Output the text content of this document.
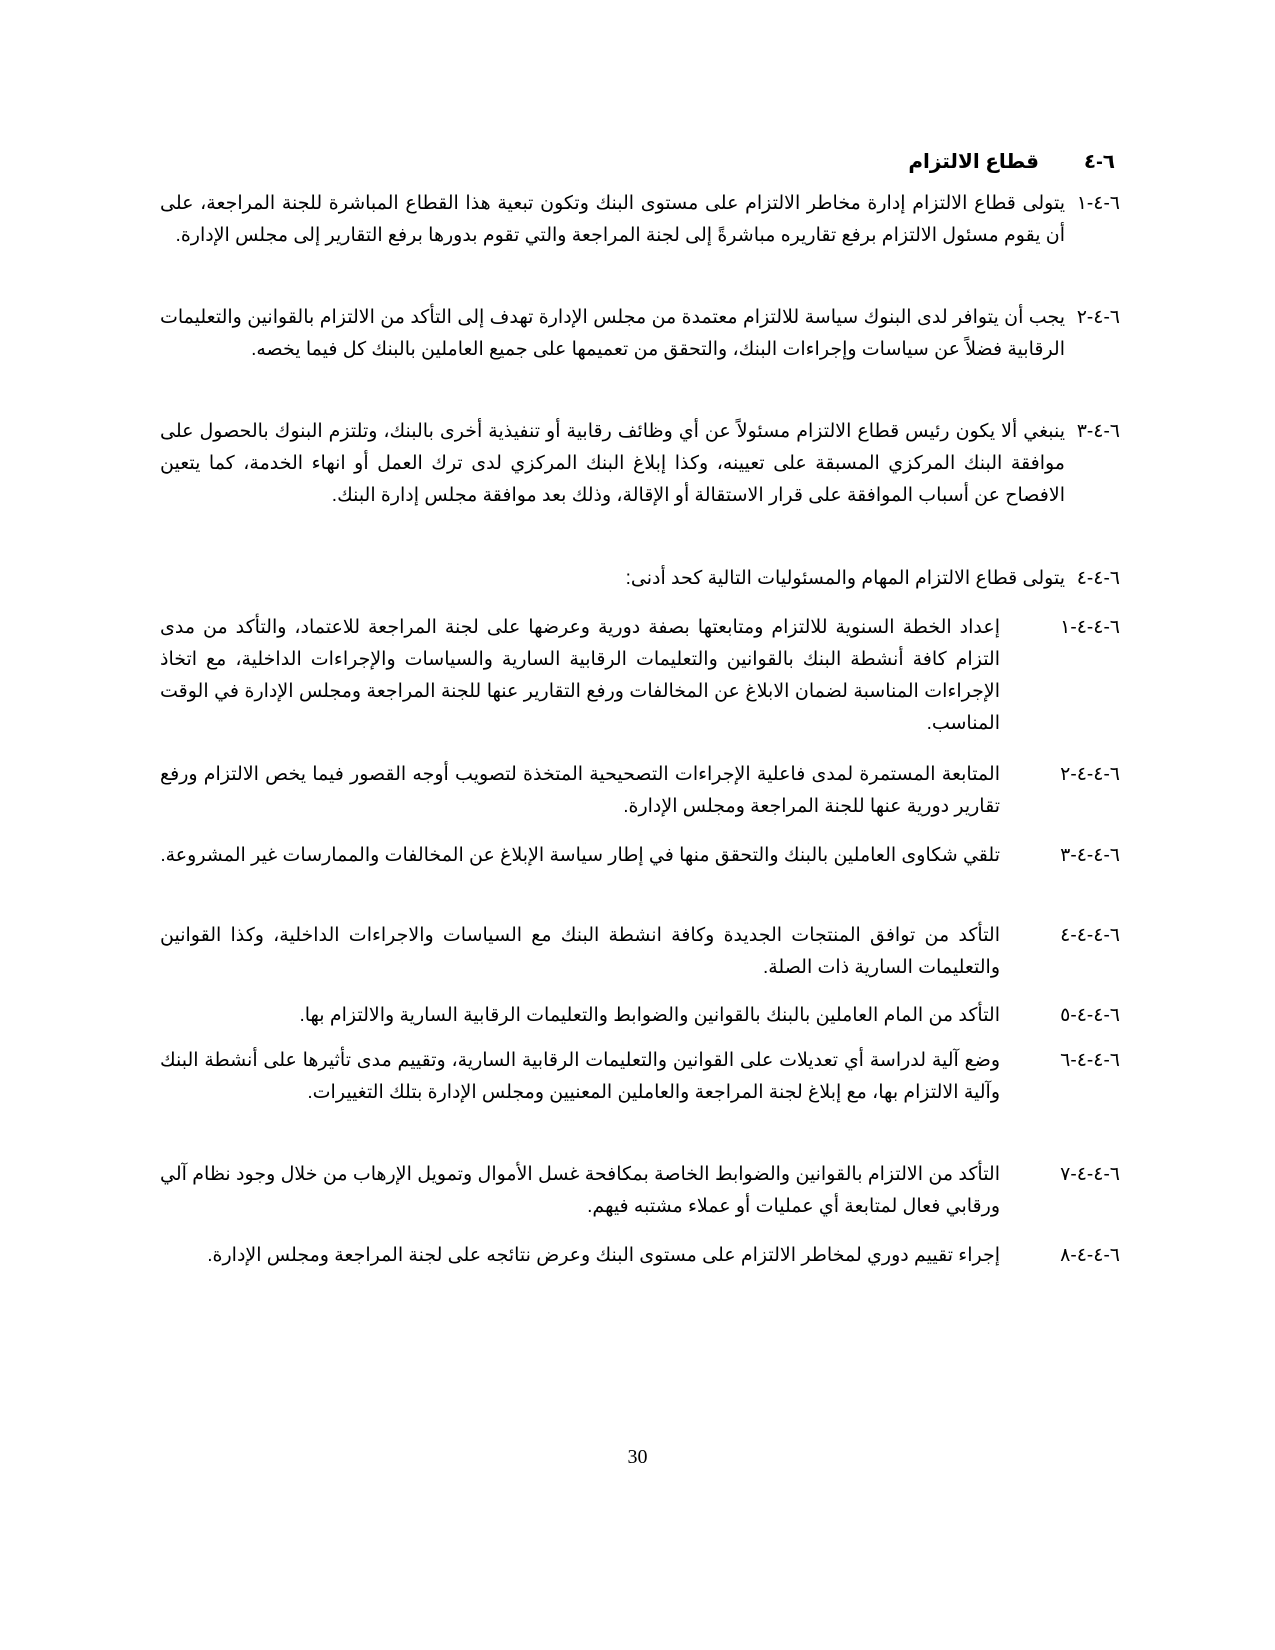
٦-٤قطاع الالتزام
٦-٤-١
يتولى قطاع الالتزام إدارة مخاطر الالتزام على مستوى البنك وتكون تبعية هذا القطاع المباشرة للجنة المراجعة، على أن يقوم مسئول الالتزام برفع تقاريره مباشرةً إلى لجنة المراجعة والتي تقوم بدورها برفع التقارير إلى مجلس الإدارة.
٦-٤-٢
يجب أن يتوافر لدى البنوك سياسة للالتزام معتمدة من مجلس الإدارة تهدف إلى التأكد من الالتزام بالقوانين والتعليمات الرقابية فضلاً عن سياسات وإجراءات البنك، والتحقق من تعميمها على جميع العاملين بالبنك كل فيما يخصه.
٦-٤-٣
ينبغي ألا يكون رئيس قطاع الالتزام مسئولاً عن أي وظائف رقابية أو تنفيذية أخرى بالبنك، وتلتزم البنوك بالحصول على موافقة البنك المركزي المسبقة على تعيينه، وكذا إبلاغ البنك المركزي لدى ترك العمل أو انهاء الخدمة، كما يتعين الافصاح عن أسباب الموافقة على قرار الاستقالة أو الإقالة، وذلك بعد موافقة مجلس إدارة البنك.
٦-٤-٤
يتولى قطاع الالتزام المهام والمسئوليات التالية كحد أدنى:
٦-٤-٤-١
إعداد الخطة السنوية للالتزام ومتابعتها بصفة دورية وعرضها على لجنة المراجعة للاعتماد، والتأكد من مدى التزام كافة أنشطة البنك بالقوانين والتعليمات الرقابية السارية والسياسات والإجراءات الداخلية، مع اتخاذ الإجراءات المناسبة لضمان الابلاغ عن المخالفات ورفع التقارير عنها للجنة المراجعة ومجلس الإدارة في الوقت المناسب.
٦-٤-٤-٢
المتابعة المستمرة لمدى فاعلية الإجراءات التصحيحية المتخذة لتصويب أوجه القصور فيما يخص الالتزام ورفع تقارير دورية عنها للجنة المراجعة ومجلس الإدارة.
٦-٤-٤-٣
تلقي شكاوى العاملين بالبنك والتحقق منها في إطار سياسة الإبلاغ عن المخالفات والممارسات غير المشروعة.
٦-٤-٤-٤
التأكد من توافق المنتجات الجديدة وكافة انشطة البنك مع السياسات والاجراءات الداخلية، وكذا القوانين والتعليمات السارية ذات الصلة.
٦-٤-٤-٥
التأكد من المام العاملين بالبنك بالقوانين والضوابط والتعليمات الرقابية السارية والالتزام بها.
٦-٤-٤-٦
وضع آلية لدراسة أي تعديلات على القوانين والتعليمات الرقابية السارية، وتقييم مدى تأثيرها على أنشطة البنك وآلية الالتزام بها، مع إبلاغ لجنة المراجعة والعاملين المعنيين ومجلس الإدارة بتلك التغييرات.
٦-٤-٤-٧
التأكد من الالتزام بالقوانين والضوابط الخاصة بمكافحة غسل الأموال وتمويل الإرهاب من خلال وجود نظام آلي ورقابي فعال لمتابعة أي عمليات أو عملاء مشتبه فيهم.
٦-٤-٤-٨
إجراء تقييم دوري لمخاطر الالتزام على مستوى البنك وعرض نتائجه على لجنة المراجعة ومجلس الإدارة.
30
